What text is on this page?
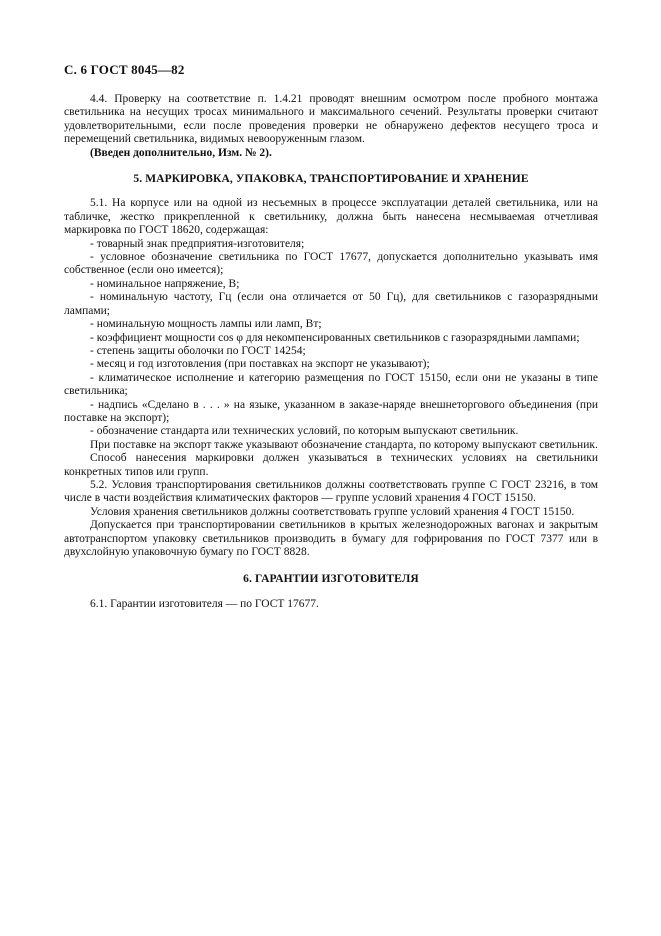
С. 6 ГОСТ 8045—82

4.4. Проверку на соответствие п. 1.4.21 проводят внешним осмотром после пробного монтажа светильника на несущих тросах минимального и максимального сечений. Результаты проверки считают удовлетворительными, если после проведения проверки не обнаружено дефектов несущего троса и перемещений светильника, видимых невооруженным глазом.

(Введен дополнительно, Изм. № 2).

5. МАРКИРОВКА, УПАКОВКА, ТРАНСПОРТИРОВАНИЕ И ХРАНЕНИЕ

5.1. На корпусе или на одной из несъемных в процессе эксплуатации деталей светильника, или на табличке, жестко прикрепленной к светильнику, должна быть нанесена несмываемая отчетливая маркировка по ГОСТ 18620, содержащая:

- товарный знак предприятия-изготовителя;

- условное обозначение светильника по ГОСТ 17677, допускается дополнительно указывать имя собственное (если оно имеется);

- номинальное напряжение, В;

- номинальную частоту, Гц (если она отличается от 50 Гц), для светильников с газоразрядными лампами;

- номинальную мощность лампы или ламп, Вт;

- коэффициент мощности cos φ для некомпенсированных светильников с газоразрядными лампами;

- степень защиты оболочки по ГОСТ 14254;

- месяц и год изготовления (при поставках на экспорт не указывают);

- климатическое исполнение и категорию размещения по ГОСТ 15150, если они не указаны в типе светильника;

- надпись «Сделано в . . . » на языке, указанном в заказе-наряде внешнеторгового объединения (при поставке на экспорт);

- обозначение стандарта или технических условий, по которым выпускают светильник.

При поставке на экспорт также указывают обозначение стандарта, по которому выпускают светильник.

Способ нанесения маркировки должен указываться в технических условиях на светильники конкретных типов или групп.

5.2. Условия транспортирования светильников должны соответствовать группе С ГОСТ 23216, в том числе в части воздействия климатических факторов — группе условий хранения 4 ГОСТ 15150.

Условия хранения светильников должны соответствовать группе условий хранения 4 ГОСТ 15150.

Допускается при транспортировании светильников в крытых железнодорожных вагонах и закрытым автотранспортом упаковку светильников производить в бумагу для гофрирования по ГОСТ 7377 или в двухслойную упаковочную бумагу по ГОСТ 8828.

6. ГАРАНТИИ ИЗГОТОВИТЕЛЯ

6.1. Гарантии изготовителя — по ГОСТ 17677.
